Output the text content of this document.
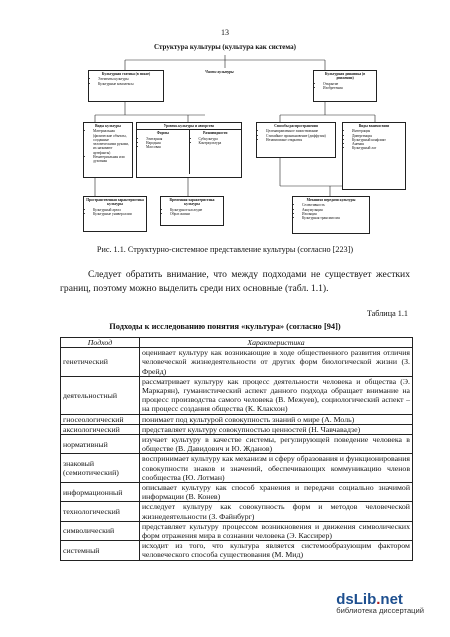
13
Структура культуры (культура как система)
Части культуры
Культурная статика (в покое)
• Элементы культуры
• Культурные комплексы
Культурная динамика (в движении)
• Открытие
• Изобретения
Виды культуры
• Материальная (физические объекты, созданные человеческими руками, их называют артефакты)
• Нематериальная или духовная
Уровень культуры и авторство
Формы
• Элитарная
• Народная
• Массовая
Разновидности
• Субкультура
• Контркультура
Способы распространения
• Целенаправленное заимствование
• Стихийное проникновение (диффузия)
• Независимые открытия
Виды взаимосвязи
• Интеграция
• Дивергенция
• Культурный конфликт
• Анемия
• Культурный лаг
Пространственная характеристика культуры
• Культурный ареал
• Культурные универсалии
Временная характеристика культуры
• Культурное наследие
• Образ жизни
Механизм передачи культуры
• Селективность
• Аккумуляция
• Изоляция
• Культурная трансмиссия
Рис. 1.1. Структурно-системное представление культуры (согласно [223])
Следует обратить внимание, что между подходами не существует жестких границ, поэтому можно выделить среди них основные (табл. 1.1).
Таблица 1.1
Подходы к исследованию понятия «культура» (согласно [94])
Подход	Характеристика
генетический	оценивает культуру как возникающие в ходе общественного развития отличия человеческой жизнедеятельности от других форм биологической жизни (З. Фрейд)
деятельностный	рассматривает культуру как процесс деятельности человека и общества (Э. Маркарян), гуманистический аспект данного подхода обращает внимание на процесс производства самого человека (В. Межуев), социологический аспект – на процесс создания общества (К. Клакхон)
гносеологический	понимает под культурой совокупность знаний о мире (А. Моль)
аксиологический	представляет культуру совокупностью ценностей (Н. Чавчавадзе)
нормативный	изучает культуру в качестве системы, регулирующей поведение человека в обществе (В. Давидович и Ю. Жданов)
знаковый (семиотический)	воспринимает культуру как механизм и сферу образования и функционирования совокупности знаков и значений, обеспечивающих коммуникацию членов сообщества (Ю. Лотман)
информационный	описывает культуру как способ хранения и передачи социально значимой информации (В. Конев)
технологический	исследует культуру как совокупность форм и методов человеческой жизнедеятельности (З. Файнбург)
символический	представляет культуру процессом возникновения и движения символических форм отражения мира в сознании человека (Э. Кассирер)
системный	исходит из того, что культура является системообразующим фактором человеческого способа существования (М. Мид)
dsLib.net
библиотека диссертаций
